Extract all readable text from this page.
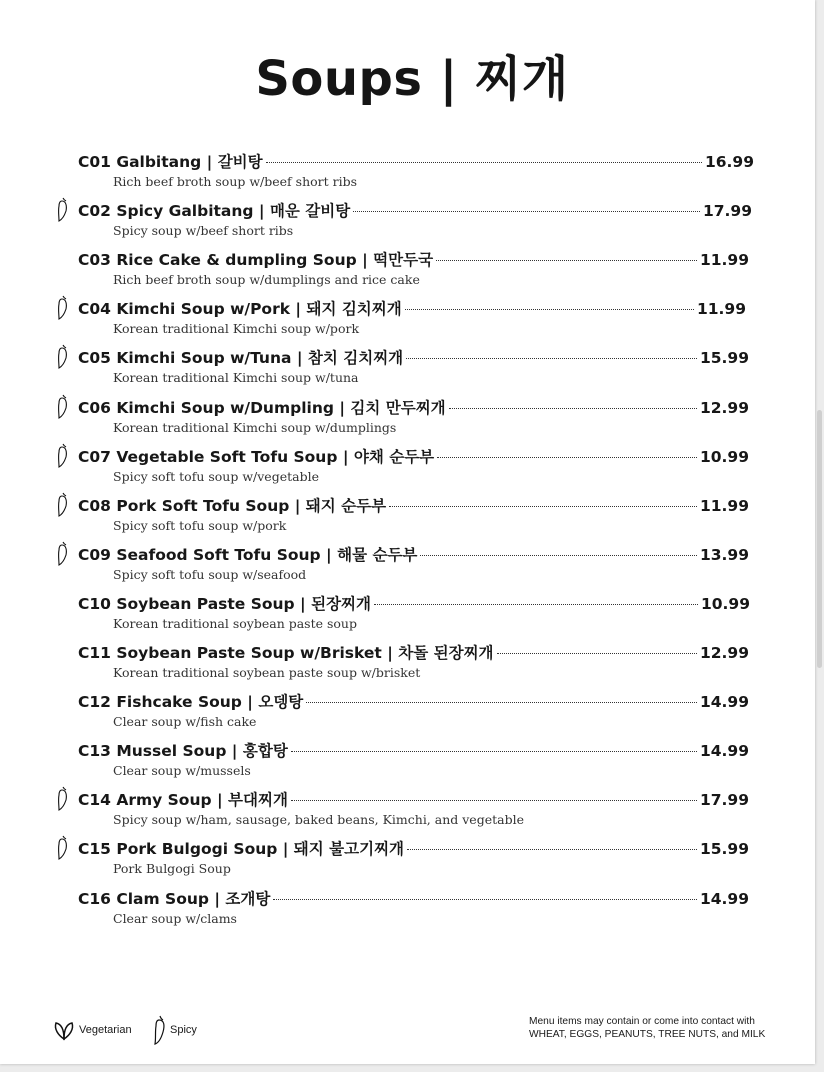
Soups | 찌개
C01 Galbitang | 갈비탕	16.99
Rich beef broth soup w/beef short ribs
C02 Spicy Galbitang | 매운 갈비탕	17.99
Spicy soup w/beef short ribs
C03 Rice Cake & dumpling Soup | 떡만두국	11.99
Rich beef broth soup w/dumplings and rice cake
C04 Kimchi Soup w/Pork | 돼지 김치찌개	11.99
Korean traditional Kimchi soup w/pork
C05 Kimchi Soup w/Tuna | 참치 김치찌개	15.99
Korean traditional Kimchi soup w/tuna
C06 Kimchi Soup w/Dumpling | 김치 만두찌개	12.99
Korean traditional Kimchi soup w/dumplings
C07 Vegetable Soft Tofu Soup | 야채 순두부	10.99
Spicy soft tofu soup w/vegetable
C08 Pork Soft Tofu Soup | 돼지 순두부	11.99
Spicy soft tofu soup w/pork
C09 Seafood Soft Tofu Soup | 해물 순두부	13.99
Spicy soft tofu soup w/seafood
C10 Soybean Paste Soup | 된장찌개	10.99
Korean traditional soybean paste soup
C11 Soybean Paste Soup w/Brisket | 차돌 된장찌개	12.99
Korean traditional soybean paste soup w/brisket
C12 Fishcake Soup | 오뎅탕	14.99
Clear soup w/fish cake
C13 Mussel Soup | 홍합탕	14.99
Clear soup w/mussels
C14 Army Soup | 부대찌개	17.99
Spicy soup w/ham, sausage, baked beans, Kimchi, and vegetable
C15 Pork Bulgogi Soup | 돼지 불고기찌개	15.99
Pork Bulgogi Soup
C16 Clam Soup | 조개탕	14.99
Clear soup w/clams
Vegetarian	Spicy
Menu items may contain or come into contact with
WHEAT, EGGS, PEANUTS, TREE NUTS, and MILK
